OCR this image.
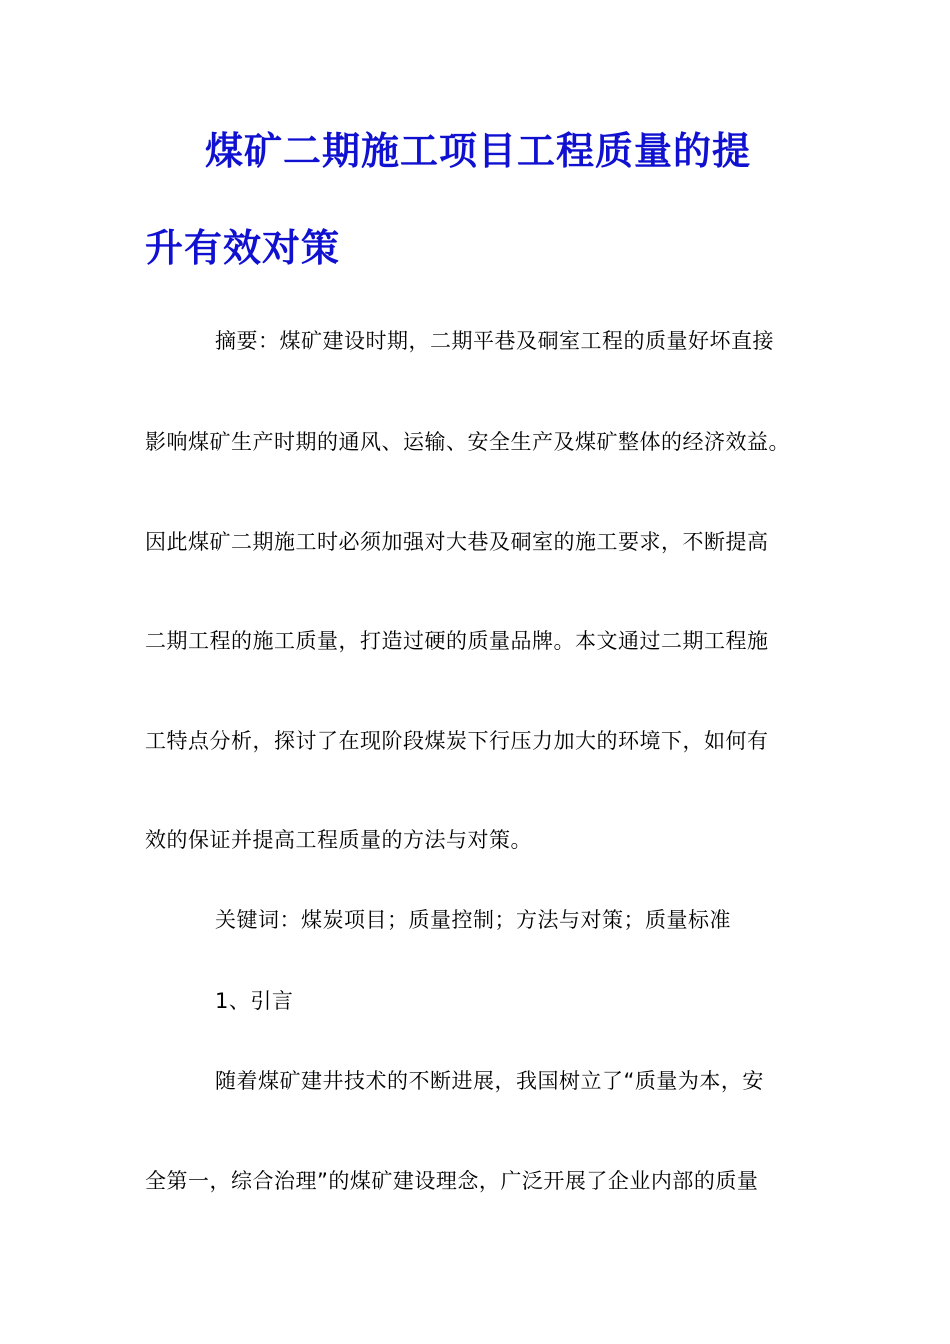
煤矿二期施工项目工程质量的提
升有效对策
摘要：煤矿建设时期，二期平巷及硐室工程的质量好坏直接
影响煤矿生产时期的通风、运输、安全生产及煤矿整体的经济效益。
因此煤矿二期施工时必须加强对大巷及硐室的施工要求，不断提高
二期工程的施工质量，打造过硬的质量品牌。本文通过二期工程施
工特点分析，探讨了在现阶段煤炭下行压力加大的环境下，如何有
效的保证并提高工程质量的方法与对策。
关键词：煤炭项目；质量控制；方法与对策；质量标准
1、引言
随着煤矿建井技术的不断进展，我国树立了“质量为本，安
全第一，综合治理”的煤矿建设理念，广泛开展了企业内部的质量
